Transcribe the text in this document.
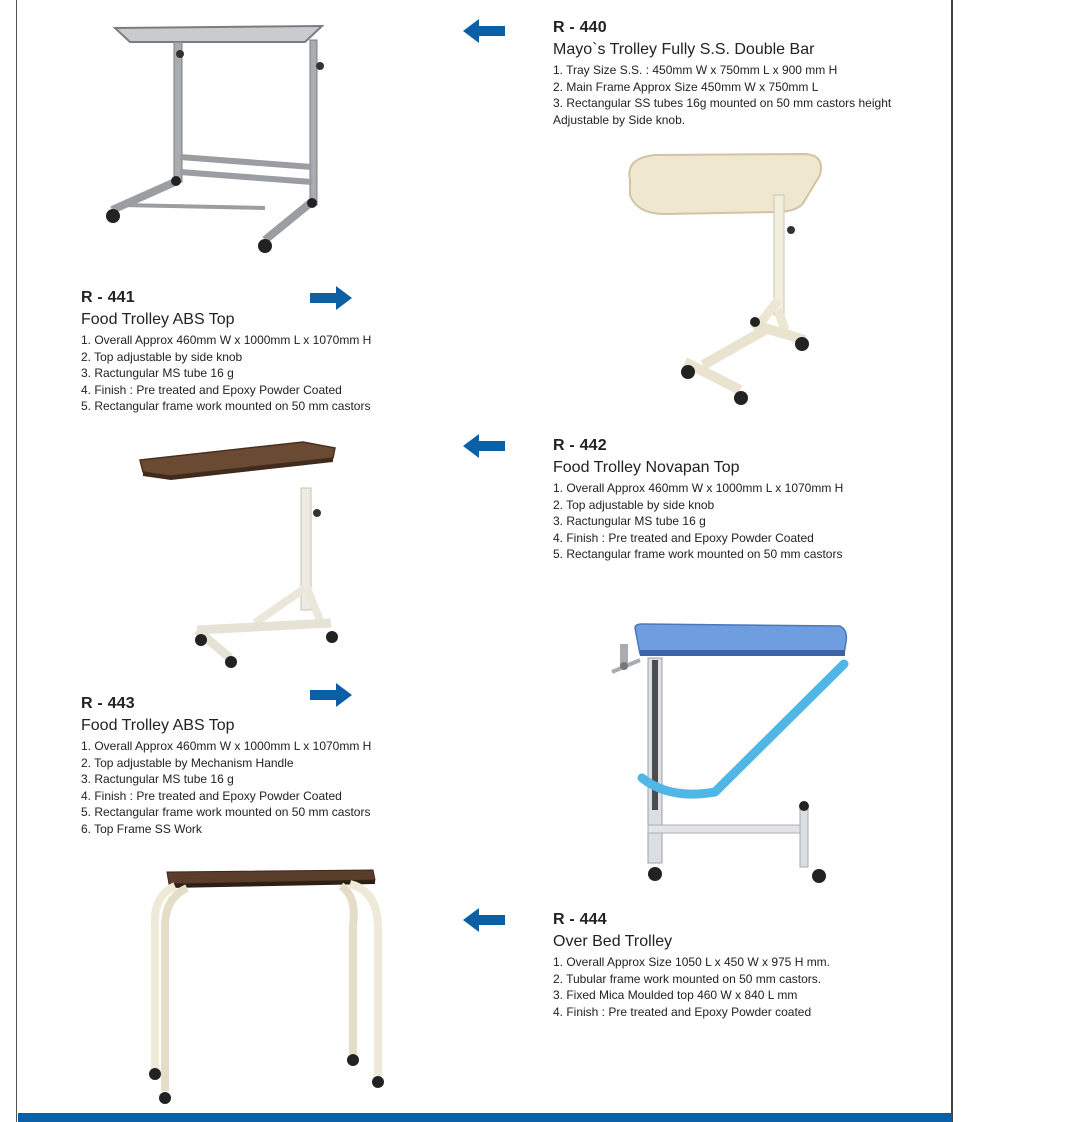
R - 440
Mayo`s Trolley Fully S.S. Double Bar
1. Tray Size S.S. : 450mm W x 750mm L x 900 mm H
2. Main Frame Approx Size 450mm W x 750mm L
3. Rectangular SS tubes 16g mounted on 50 mm castors height
Adjustable by Side knob.
R - 441
Food Trolley ABS Top
1. Overall Approx 460mm W x 1000mm L x 1070mm H
2. Top adjustable by side knob
3. Ractungular MS tube 16 g
4. Finish : Pre treated and Epoxy Powder Coated
5. Rectangular frame work mounted on 50 mm castors
R - 442
Food Trolley Novapan Top
1. Overall Approx 460mm W x 1000mm L x 1070mm H
2. Top adjustable by side knob
3. Ractungular MS tube 16 g
4. Finish : Pre treated and Epoxy Powder Coated
5. Rectangular frame work mounted on 50 mm castors
R - 443
Food Trolley ABS Top
1. Overall Approx 460mm W x 1000mm L x 1070mm H
2. Top adjustable by Mechanism Handle
3. Ractungular MS tube 16 g
4. Finish : Pre treated and Epoxy Powder Coated
5. Rectangular frame work mounted on 50 mm castors
6. Top Frame SS Work
R - 444
Over Bed Trolley
1. Overall Approx Size 1050 L x 450 W x 975 H mm.
2. Tubular frame work mounted on 50 mm castors.
3. Fixed Mica Moulded top 460 W x 840 L mm
4. Finish : Pre treated and Epoxy Powder coated
